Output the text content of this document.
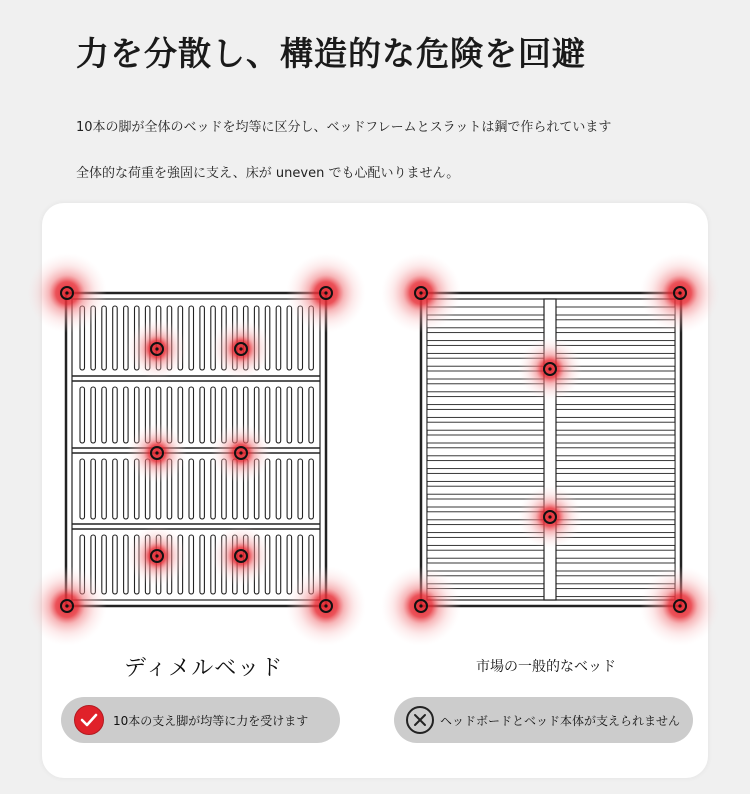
力を分散し、構造的な危険を回避
10本の脚が全体のベッドを均等に区分し、ベッドフレームとスラットは鋼で作られています
全体的な荷重を強固に支え、床が uneven でも心配いりません。
ディメルベッド	市場の一般的なベッド
10本の支え脚が均等に力を受けます	ヘッドボードとベッド本体が支えられません
